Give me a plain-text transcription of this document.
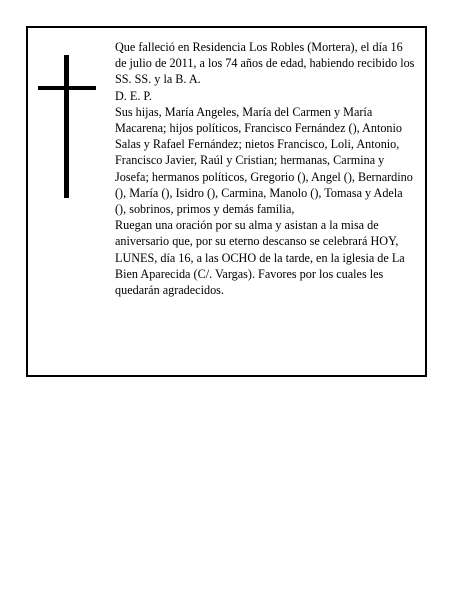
Que falleció en Residencia Los Robles (Mortera), el día 16 de julio de 2011, a los 74 años de edad, habiendo recibido los SS. SS. y la B. A.

D. E. P.

Sus hijas, María Angeles, María del Carmen y María Macarena; hijos políticos, Francisco Fernández (), Antonio Salas y Rafael Fernández; nietos Francisco, Loli, Antonio, Francisco Javier, Raúl y Cristian; hermanas, Carmina y Josefa; hermanos políticos, Gregorio (), Angel (), Bernardino (), María (), Isidro (), Carmina, Manolo (), Tomasa y Adela (), sobrinos, primos y demás familia,

Ruegan una oración por su alma y asistan a la misa de aniversario que, por su eterno descanso se celebrará HOY, LUNES, día 16, a las OCHO de la tarde, en la iglesia de La Bien Aparecida (C/. Vargas). Favores por los cuales les quedarán agradecidos.
